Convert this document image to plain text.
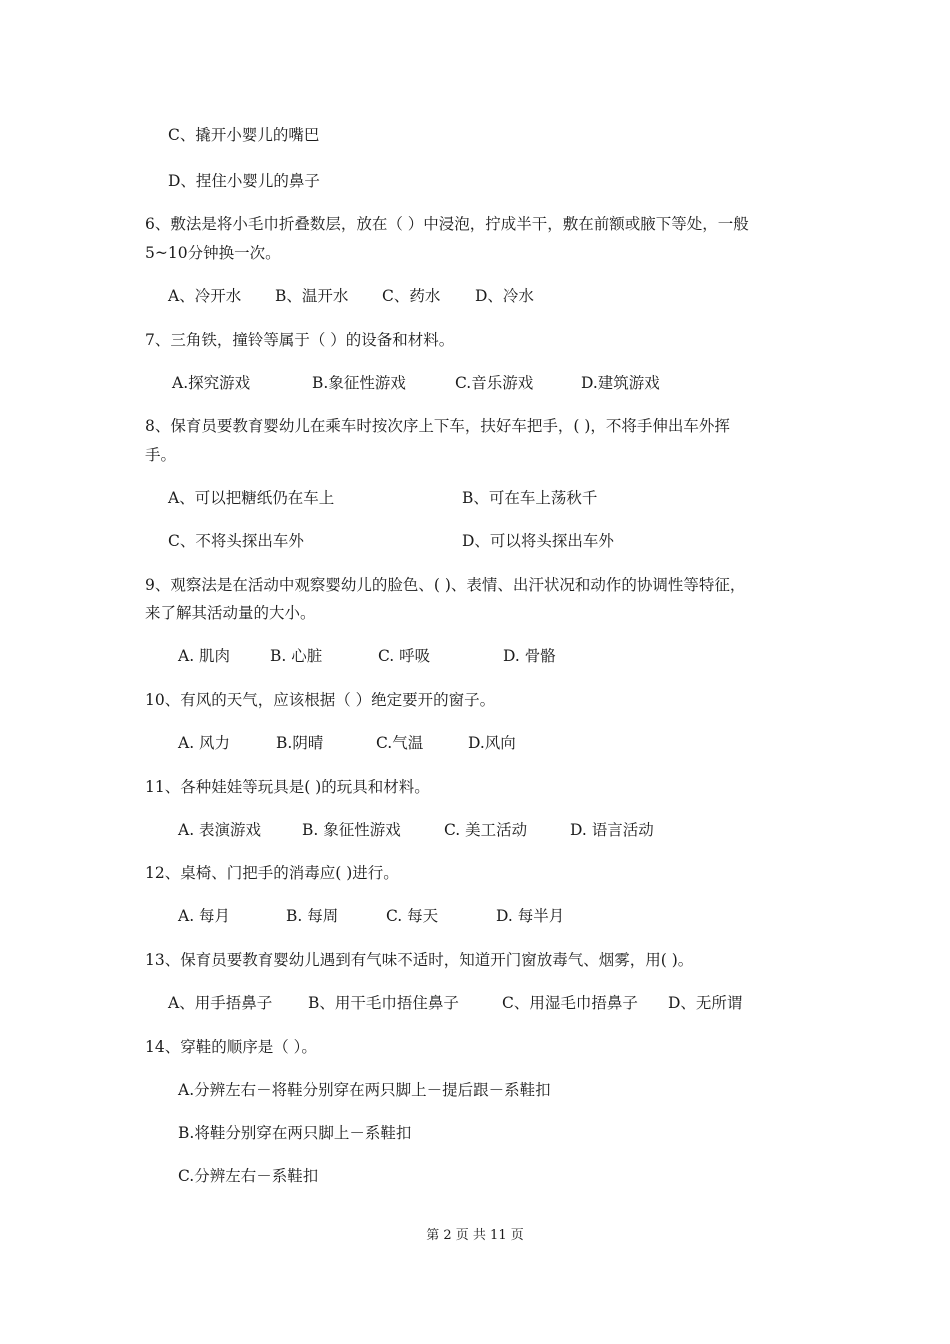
C、撬开小婴儿的嘴巴
D、捏住小婴儿的鼻子
6、敷法是将小毛巾折叠数层，放在（ ）中浸泡，拧成半干，敷在前额或腋下等处，一般
5~10分钟换一次。
A、冷开水	B、温开水	C、药水	D、冷水
7、三角铁，撞铃等属于（ ）的设备和材料。
A.探究游戏	B.象征性游戏	C.音乐游戏	D.建筑游戏
8、保育员要教育婴幼儿在乘车时按次序上下车，扶好车把手，( )，不将手伸出车外挥
手。
A、可以把糖纸仍在车上	B、可在车上荡秋千
C、不将头探出车外	D、可以将头探出车外
9、观察法是在活动中观察婴幼儿的脸色、( )、表情、出汗状况和动作的协调性等特征，
来了解其活动量的大小。
A. 肌肉	B. 心脏	C. 呼吸	D. 骨骼
10、有风的天气，应该根据（ ）绝定要开的窗子。
A. 风力	B.阴晴	C.气温	D.风向
11、各种娃娃等玩具是( )的玩具和材料。
A. 表演游戏	B. 象征性游戏	C. 美工活动	D. 语言活动
12、桌椅、门把手的消毒应( )进行。
A. 每月	B. 每周	C. 每天	D. 每半月
13、保育员要教育婴幼儿遇到有气味不适时，知道开门窗放毒气、烟雾，用( )。
A、用手捂鼻子	B、用干毛巾捂住鼻子	C、用湿毛巾捂鼻子	D、无所谓
14、穿鞋的顺序是（ ）。
A.分辨左右－将鞋分别穿在两只脚上－提后跟－系鞋扣
B.将鞋分别穿在两只脚上－系鞋扣
C.分辨左右－系鞋扣
第 2 页 共 11 页
